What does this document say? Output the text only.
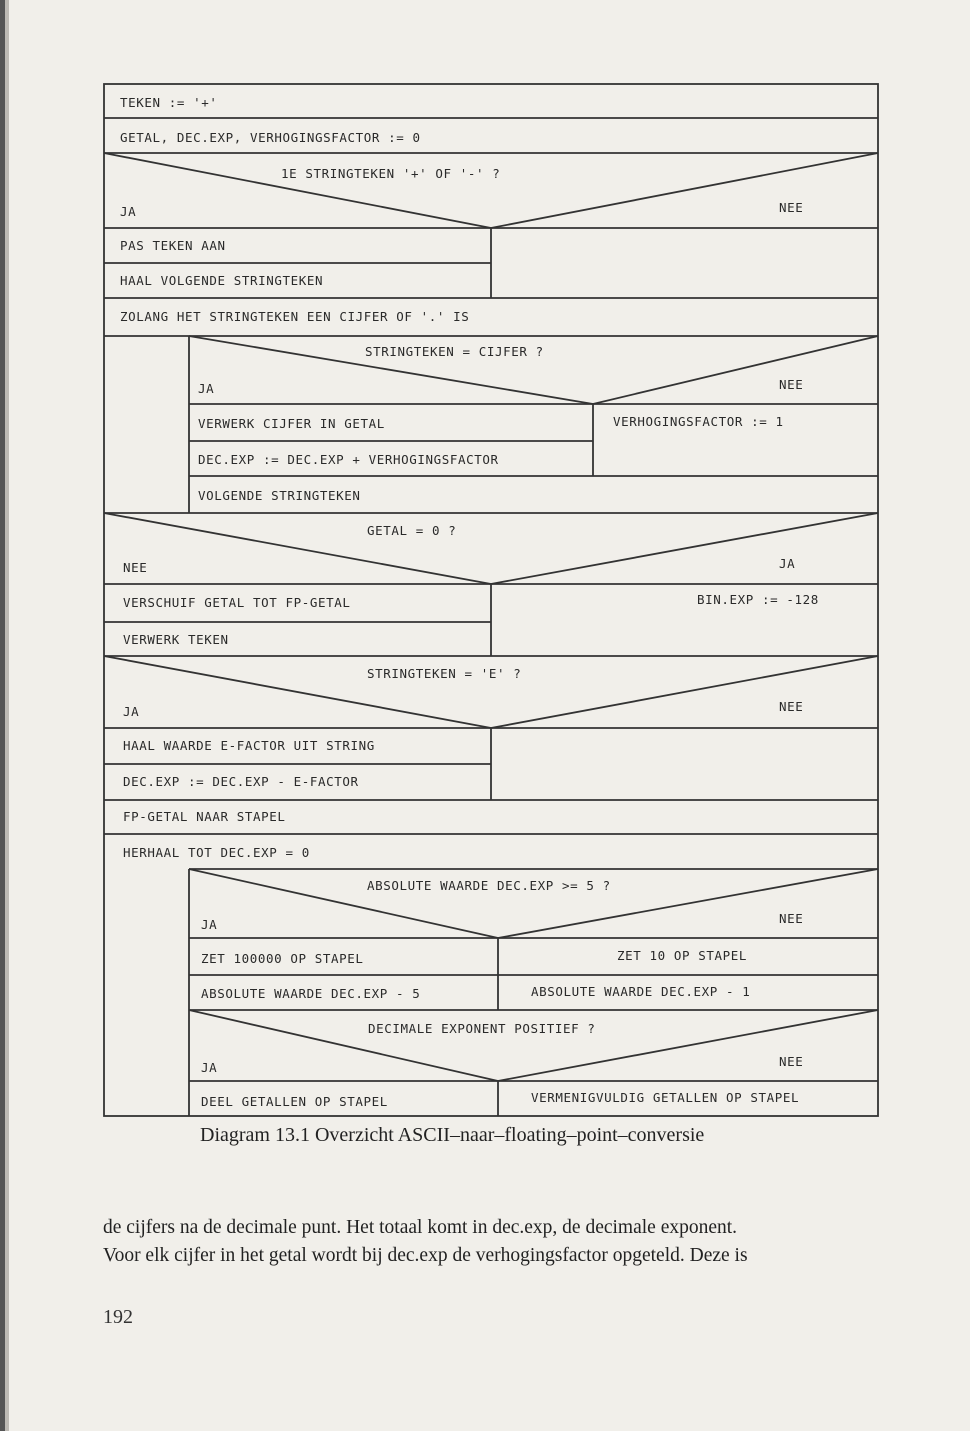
TEKEN := '+'
GETAL, DEC.EXP, VERHOGINGSFACTOR := 0
1E STRINGTEKEN '+' OF '-' ?
JA	NEE
PAS TEKEN AAN
HAAL VOLGENDE STRINGTEKEN
ZOLANG HET STRINGTEKEN EEN CIJFER OF '.' IS
STRINGTEKEN = CIJFER ?
JA	NEE
VERWERK CIJFER IN GETAL	VERHOGINGSFACTOR := 1
DEC.EXP := DEC.EXP + VERHOGINGSFACTOR
VOLGENDE STRINGTEKEN
GETAL = 0 ?
NEE	JA
VERSCHUIF GETAL TOT FP-GETAL	BIN.EXP := -128
VERWERK TEKEN
STRINGTEKEN = 'E' ?
JA	NEE
HAAL WAARDE E-FACTOR UIT STRING
DEC.EXP := DEC.EXP - E-FACTOR
FP-GETAL NAAR STAPEL
HERHAAL TOT DEC.EXP = 0
ABSOLUTE WAARDE DEC.EXP >= 5 ?
JA	NEE
ZET 100000 OP STAPEL	ZET 10 OP STAPEL
ABSOLUTE WAARDE DEC.EXP - 5	ABSOLUTE WAARDE DEC.EXP - 1
DECIMALE EXPONENT POSITIEF ?
JA	NEE
DEEL GETALLEN OP STAPEL	VERMENIGVULDIG GETALLEN OP STAPEL
Diagram 13.1 Overzicht ASCII–naar–floating–point–conversie
de cijfers na de decimale punt. Het totaal komt in dec.exp, de decimale exponent.
Voor elk cijfer in het getal wordt bij dec.exp de verhogingsfactor opgeteld. Deze is
192
